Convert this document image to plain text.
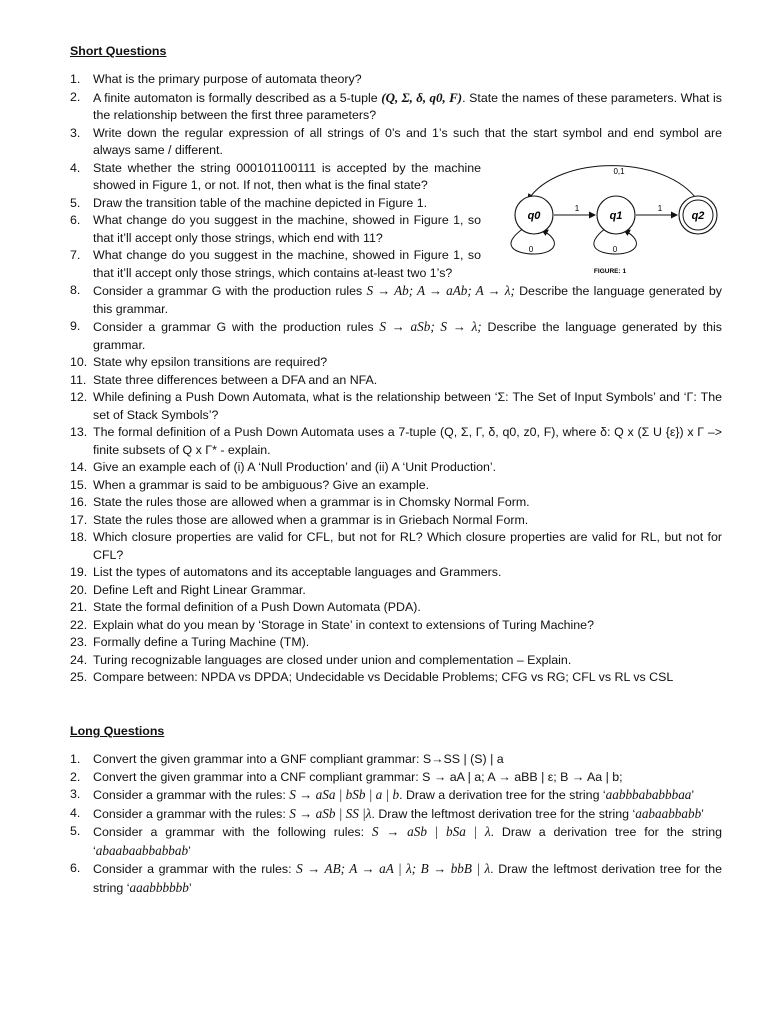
Short Questions
1. What is the primary purpose of automata theory?
2. A finite automaton is formally described as a 5-tuple (Q, Σ, δ, q0, F). State the names of these parameters. What is the relationship between the first three parameters?
3. Write down the regular expression of all strings of 0’s and 1’s such that the start symbol and end symbol are always same / different.
4. State whether the string 000101100111 is accepted by the machine showed in Figure 1, or not. If not, then what is the final state?
5. Draw the transition table of the machine depicted in Figure 1.
6. What change do you suggest in the machine, showed in Figure 1, so that it’ll accept only those strings, which end with 11?
7. What change do you suggest in the machine, showed in Figure 1, so that it’ll accept only those strings, which contains at-least two 1’s?
8. Consider a grammar G with the production rules S → Ab; A → aAb; A → λ; Describe the language generated by this grammar.
9. Consider a grammar G with the production rules S → aSb; S → λ; Describe the language generated by this grammar.
10. State why epsilon transitions are required?
11. State three differences between a DFA and an NFA.
12. While defining a Push Down Automata, what is the relationship between ‘Σ: The Set of Input Symbols’ and ‘Γ: The set of Stack Symbols’?
13. The formal definition of a Push Down Automata uses a 7-tuple (Q, Σ, Γ, δ, q0, z0, F), where δ: Q x (Σ U {ε}) x Γ –> finite subsets of Q x Γ* - explain.
14. Give an example each of (i) A ‘Null Production’ and (ii) A ‘Unit Production’.
15. When a grammar is said to be ambiguous? Give an example.
16. State the rules those are allowed when a grammar is in Chomsky Normal Form.
17. State the rules those are allowed when a grammar is in Griebach Normal Form.
18. Which closure properties are valid for CFL, but not for RL? Which closure properties are valid for RL, but not for CFL?
19. List the types of automatons and its acceptable languages and Grammers.
20. Define Left and Right Linear Grammar.
21. State the formal definition of a Push Down Automata (PDA).
22. Explain what do you mean by ‘Storage in State’ in context to extensions of Turing Machine?
23. Formally define a Turing Machine (TM).
24. Turing recognizable languages are closed under union and complementation – Explain.
25. Compare between: NPDA vs DPDA; Undecidable vs Decidable Problems; CFG vs RG; CFL vs RL vs CSL
0,1
1	1
0	0
q0	q1	q2
FIGURE: 1
Long Questions
1. Convert the given grammar into a GNF compliant grammar: S→SS | (S) | a
2. Convert the given grammar into a CNF compliant grammar: S → aA | a; A → aBB | ε; B → Aa | b;
3. Consider a grammar with the rules: S → aSa | bSb | a | b. Draw a derivation tree for the string ‘aabbbababbbaa’
4. Consider a grammar with the rules: S → aSb | SS |λ. Draw the leftmost derivation tree for the string ‘aabaabbabb’
5. Consider a grammar with the following rules: S → aSb | bSa | λ. Draw a derivation tree for the string ‘abaabaabbabbab’
6. Consider a grammar with the rules: S → AB; A → aA | λ; B → bbB | λ. Draw the leftmost derivation tree for the string ‘aaabbbbbb’
